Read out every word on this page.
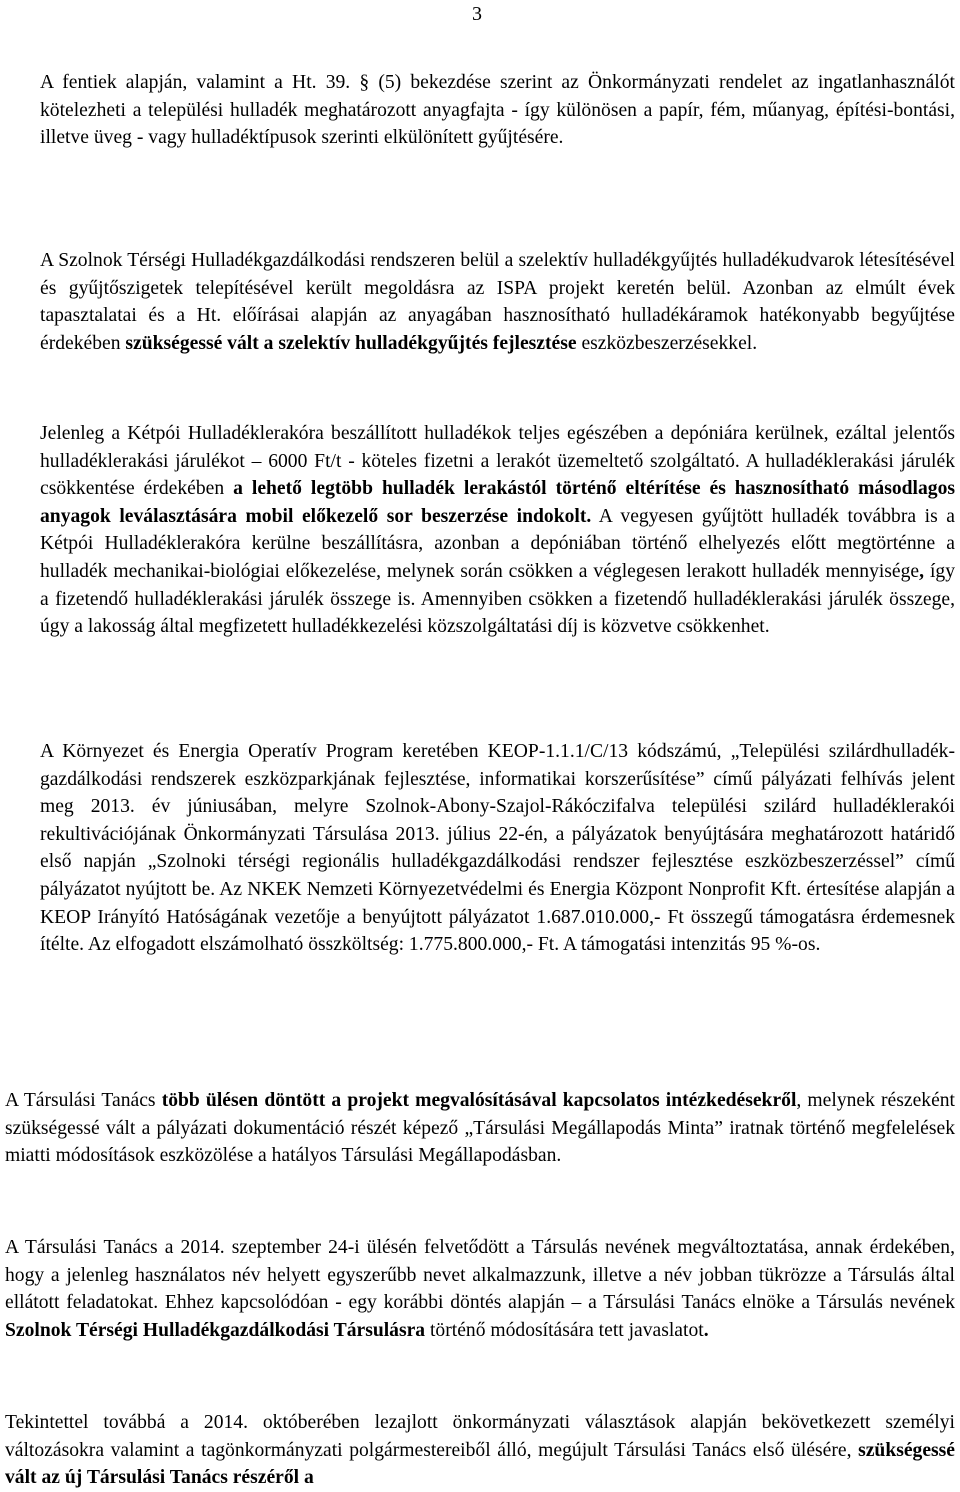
3

A fentiek alapján, valamint a Ht. 39. § (5) bekezdése szerint az Önkormányzati rendelet az ingatlanhasználót kötelezheti a települési hulladék meghatározott anyagfajta - így különösen a papír, fém, műanyag, építési-bontási, illetve üveg - vagy hulladéktípusok szerinti elkülönített gyűjtésére.

A Szolnok Térségi Hulladékgazdálkodási rendszeren belül a szelektív hulladékgyűjtés hulladékudvarok létesítésével és gyűjtőszigetek telepítésével került megoldásra az ISPA projekt keretén belül. Azonban az elmúlt évek tapasztalatai és a Ht. előírásai alapján az anyagában hasznosítható hulladékáramok hatékonyabb begyűjtése érdekében szükségessé vált a szelektív hulladékgyűjtés fejlesztése eszközbeszerzésekkel.

Jelenleg a Kétpói Hulladéklerakóra beszállított hulladékok teljes egészében a depóniára kerülnek, ezáltal jelentős hulladéklerakási járulékot – 6000 Ft/t - köteles fizetni a lerakót üzemeltető szolgáltató. A hulladéklerakási járulék csökkentése érdekében a lehető legtöbb hulladék lerakástól történő eltérítése és hasznosítható másodlagos anyagok leválasztására mobil előkezelő sor beszerzése indokolt. A vegyesen gyűjtött hulladék továbbra is a Kétpói Hulladéklerakóra kerülne beszállításra, azonban a depóniában történő elhelyezés előtt megtörténne a hulladék mechanikai-biológiai előkezelése, melynek során csökken a véglegesen lerakott hulladék mennyisége, így a fizetendő hulladéklerakási járulék összege is. Amennyiben csökken a fizetendő hulladéklerakási járulék összege, úgy a lakosság által megfizetett hulladékkezelési közszolgáltatási díj is közvetve csökkenhet.

A Környezet és Energia Operatív Program keretében KEOP-1.1.1/C/13 kódszámú, „Települési szilárdhulladék-gazdálkodási rendszerek eszközparkjának fejlesztése, informatikai korszerűsítése” című pályázati felhívás jelent meg 2013. év júniusában, melyre Szolnok-Abony-Szajol-Rákóczifalva települési szilárd hulladéklerakói rekultivációjának Önkormányzati Társulása 2013. július 22-én, a pályázatok benyújtására meghatározott határidő első napján „Szolnoki térségi regionális hulladékgazdálkodási rendszer fejlesztése eszközbeszerzéssel” című pályázatot nyújtott be. Az NKEK Nemzeti Környezetvédelmi és Energia Központ Nonprofit Kft. értesítése alapján a KEOP Irányító Hatóságának vezetője a benyújtott pályázatot 1.687.010.000,- Ft összegű támogatásra érdemesnek ítélte. Az elfogadott elszámolható összköltség: 1.775.800.000,- Ft. A támogatási intenzitás 95 %-os.

A Társulási Tanács több ülésen döntött a projekt megvalósításával kapcsolatos intézkedésekről, melynek részeként szükségessé vált a pályázati dokumentáció részét képező „Társulási Megállapodás Minta” iratnak történő megfelelések miatti módosítások eszközölése a hatályos Társulási Megállapodásban.

A Társulási Tanács a 2014. szeptember 24-i ülésén felvetődött a Társulás nevének megváltoztatása, annak érdekében, hogy a jelenleg használatos név helyett egyszerűbb nevet alkalmazzunk, illetve a név jobban tükrözze a Társulás által ellátott feladatokat. Ehhez kapcsolódóan - egy korábbi döntés alapján – a Társulási Tanács elnöke a Társulás nevének Szolnok Térségi Hulladékgazdálkodási Társulásra történő módosítására tett javaslatot.

Tekintettel továbbá a 2014. októberében lezajlott önkormányzati választások alapján bekövetkezett személyi változásokra valamint a tagönkormányzati polgármestereiből álló, megújult Társulási Tanács első ülésére, szükségessé vált az új Társulási Tanács részéről a
